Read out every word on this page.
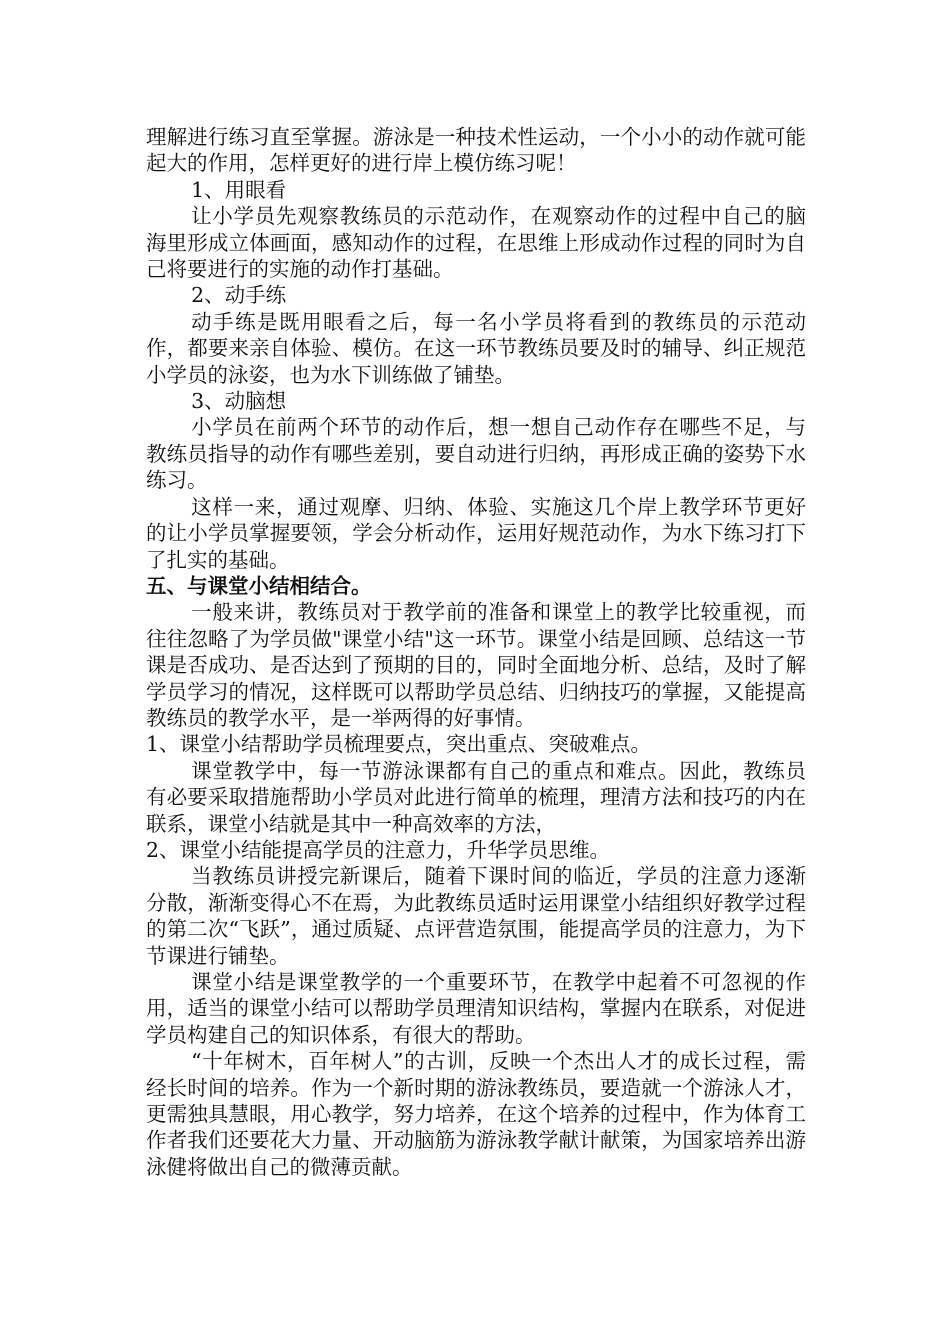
理解进行练习直至掌握。游泳是一种技术性运动，一个小小的动作就可能起大的作用，怎样更好的进行岸上模仿练习呢！

1、用眼看

让小学员先观察教练员的示范动作，在观察动作的过程中自己的脑海里形成立体画面，感知动作的过程，在思维上形成动作过程的同时为自己将要进行的实施的动作打基础。

2、动手练

动手练是既用眼看之后，每一名小学员将看到的教练员的示范动作，都要来亲自体验、模仿。在这一环节教练员要及时的辅导、纠正规范小学员的泳姿，也为水下训练做了铺垫。

3、动脑想

小学员在前两个环节的动作后，想一想自己动作存在哪些不足，与教练员指导的动作有哪些差别，要自动进行归纳，再形成正确的姿势下水练习。

这样一来，通过观摩、归纳、体验、实施这几个岸上教学环节更好的让小学员掌握要领，学会分析动作，运用好规范动作，为水下练习打下了扎实的基础。

五、与课堂小结相结合。

一般来讲，教练员对于教学前的准备和课堂上的教学比较重视，而往往忽略了为学员做"课堂小结"这一环节。课堂小结是回顾、总结这一节课是否成功、是否达到了预期的目的，同时全面地分析、总结，及时了解学员学习的情况，这样既可以帮助学员总结、归纳技巧的掌握，又能提高教练员的教学水平，是一举两得的好事情。

1、课堂小结帮助学员梳理要点，突出重点、突破难点。

课堂教学中，每一节游泳课都有自己的重点和难点。因此，教练员有必要采取措施帮助小学员对此进行简单的梳理，理清方法和技巧的内在联系，课堂小结就是其中一种高效率的方法，

2、课堂小结能提高学员的注意力，升华学员思维。

当教练员讲授完新课后，随着下课时间的临近，学员的注意力逐渐分散，渐渐变得心不在焉，为此教练员适时运用课堂小结组织好教学过程的第二次“飞跃”，通过质疑、点评营造氛围，能提高学员的注意力，为下节课进行铺垫。

课堂小结是课堂教学的一个重要环节，在教学中起着不可忽视的作用，适当的课堂小结可以帮助学员理清知识结构，掌握内在联系，对促进学员构建自己的知识体系，有很大的帮助。

“十年树木，百年树人”的古训，反映一个杰出人才的成长过程，需经长时间的培养。作为一个新时期的游泳教练员，要造就一个游泳人才，更需独具慧眼，用心教学，努力培养，在这个培养的过程中，作为体育工作者我们还要花大力量、开动脑筋为游泳教学献计献策，为国家培养出游泳健将做出自己的微薄贡献。
